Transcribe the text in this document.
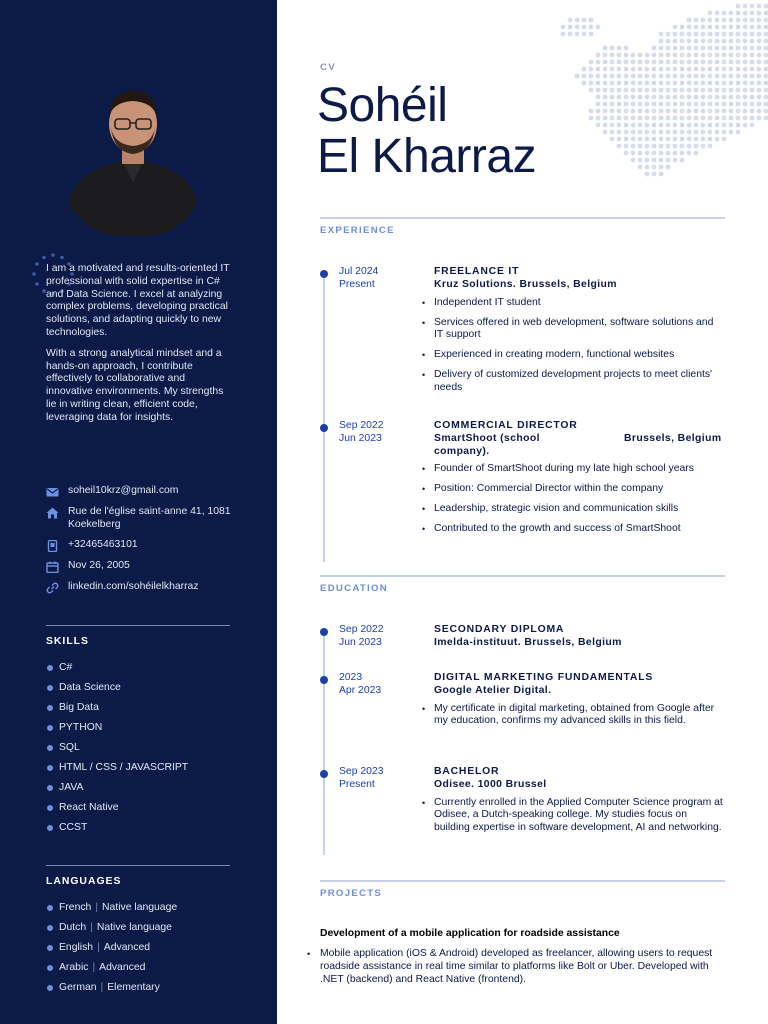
I am a motivated and results-oriented IT professional with solid expertise in C# and Data Science. I excel at analyzing complex problems, developing practical solutions, and adapting quickly to new technologies.

With a strong analytical mindset and a hands-on approach, I contribute effectively to collaborative and innovative environments. My strengths lie in writing clean, efficient code, leveraging data for insights.

soheil10krz@gmail.com
Rue de l'église saint-anne 41, 1081 Koekelberg
+32465463101
Nov 26, 2005
linkedin.com/sohéilelkharraz
SKILLS
C#
Data Science
Big Data
PYTHON
SQL
HTML / CSS / JAVASCRIPT
JAVA
React Native
CCST
LANGUAGES
French | Native language
Dutch | Native language
English | Advanced
Arabic | Advanced
German | Elementary
CV
Sohéil
El Kharraz
EXPERIENCE
Jul 2024
Present
FREELANCE IT
Kruz Solutions. Brussels, Belgium
• Independent IT student
• Services offered in web development, software solutions and IT support
• Experienced in creating modern, functional websites
• Delivery of customized development projects to meet clients' needs
Sep 2022
Jun 2023
COMMERCIAL DIRECTOR
SmartShoot (school company).
Brussels, Belgium
• Founder of SmartShoot during my late high school years
• Position: Commercial Director within the company
• Leadership, strategic vision and communication skills
• Contributed to the growth and success of SmartShoot
EDUCATION
Sep 2022
Jun 2023
SECONDARY DIPLOMA
Imelda-instituut. Brussels, Belgium
2023
Apr 2023
DIGITAL MARKETING FUNDAMENTALS
Google Atelier Digital.
• My certificate in digital marketing, obtained from Google after my education, confirms my advanced skills in this field.
Sep 2023
Present
BACHELOR
Odisee. 1000 Brussel
• Currently enrolled in the Applied Computer Science program at Odisee, a Dutch-speaking college. My studies focus on building expertise in software development, AI and networking.
PROJECTS
Development of a mobile application for roadside assistance
• Mobile application (iOS & Android) developed as freelancer, allowing users to request roadside assistance in real time similar to platforms like Bolt or Uber. Developed with .NET (backend) and React Native (frontend).
